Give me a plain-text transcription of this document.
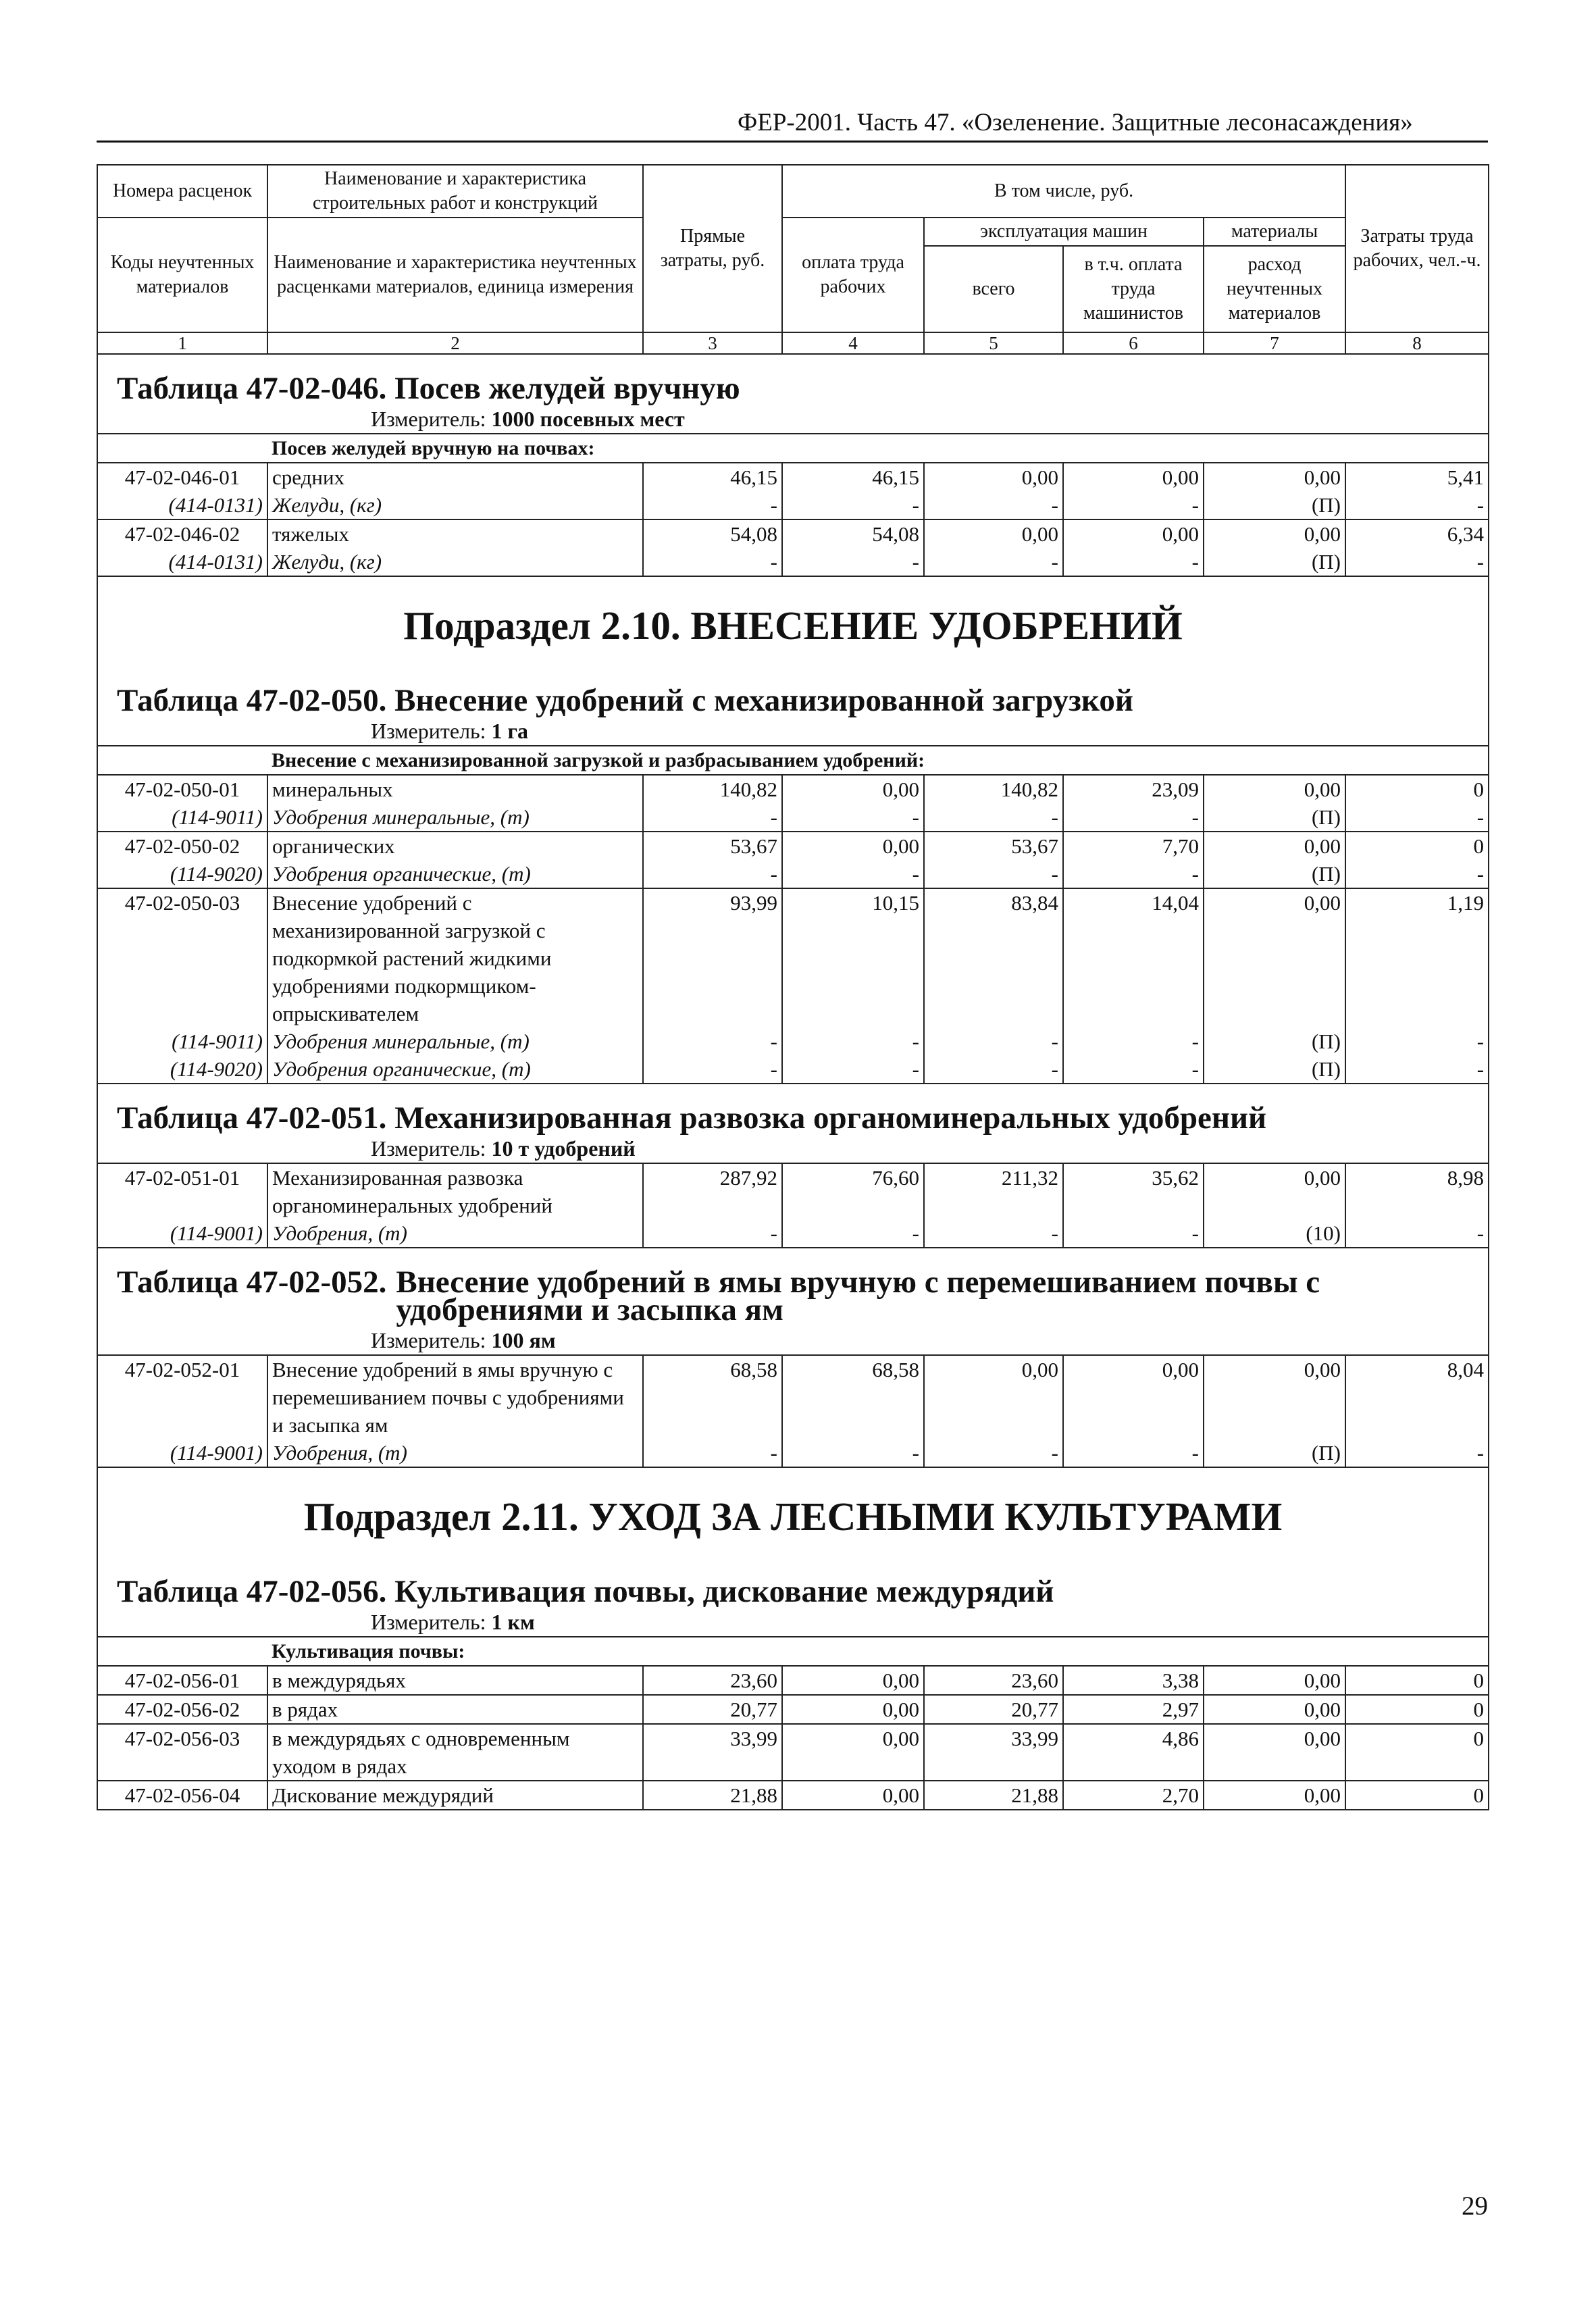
ФЕР-2001. Часть 47. «Озеленение. Защитные лесонасаждения»
Номера расценок	Наименование и характеристика строительных работ и конструкций	Прямые затраты, руб.	В том числе, руб.				Затраты труда рабочих, чел.-ч.
Коды неучтенных материалов	Наименование и характеристика неучтенных расценками материалов, единица измерения		оплата труда рабочих	эксплуатация машин		материалы	
				всего	в т.ч. оплата труда машинистов	расход неучтенных материалов	
1	2	3	4	5	6	7	8
Таблица 47-02-046. Посев желудей вручную							
Измеритель: 1000 посевных мест							
	Посев желудей вручную на почвах:						
47-02-046-01	средних	46,15	46,15	0,00	0,00	0,00	5,41
(414-0131)	Желуди, (кг)	-	-	-	-	(П)	-
47-02-046-02	тяжелых	54,08	54,08	0,00	0,00	0,00	6,34
(414-0131)	Желуди, (кг)	-	-	-	-	(П)	-
Подраздел 2.10. ВНЕСЕНИЕ УДОБРЕНИЙ							
Таблица 47-02-050. Внесение удобрений с механизированной загрузкой							
Измеритель: 1 га							
	Внесение с механизированной загрузкой и разбрасыванием удобрений:						
47-02-050-01	минеральных	140,82	0,00	140,82	23,09	0,00	0
(114-9011)	Удобрения минеральные, (т)	-	-	-	-	(П)	-
47-02-050-02	органических	53,67	0,00	53,67	7,70	0,00	0
(114-9020)	Удобрения органические, (т)	-	-	-	-	(П)	-
47-02-050-03	Внесение удобрений с механизированной загрузкой с подкормкой растений жидкими удобрениями подкормщиком-опрыскивателем	93,99	10,15	83,84	14,04	0,00	1,19
(114-9011)	Удобрения минеральные, (т)	-	-	-	-	(П)	-
(114-9020)	Удобрения органические, (т)	-	-	-	-	(П)	-
Таблица 47-02-051. Механизированная развозка органоминеральных удобрений							
Измеритель: 10 т удобрений							
47-02-051-01	Механизированная развозка органоминеральных удобрений	287,92	76,60	211,32	35,62	0,00	8,98
(114-9001)	Удобрения, (т)	-	-	-	-	(10)	-
Таблица 47-02-052. Внесение удобрений в ямы вручную с перемешиванием почвы с удобрениями и засыпка ям							
Измеритель: 100 ям							
47-02-052-01	Внесение удобрений в ямы вручную с перемешиванием почвы с удобрениями и засыпка ям	68,58	68,58	0,00	0,00	0,00	8,04
(114-9001)	Удобрения, (т)	-	-	-	-	(П)	-
Подраздел 2.11. УХОД ЗА ЛЕСНЫМИ КУЛЬТУРАМИ							
Таблица 47-02-056. Культивация почвы, дискование междурядий							
Измеритель: 1 км							
	Культивация почвы:						
47-02-056-01	в междурядьях	23,60	0,00	23,60	3,38	0,00	0
47-02-056-02	в рядах	20,77	0,00	20,77	2,97	0,00	0
47-02-056-03	в междурядьях с одновременным уходом в рядах	33,99	0,00	33,99	4,86	0,00	0
47-02-056-04	Дискование междурядий	21,88	0,00	21,88	2,70	0,00	0
29
